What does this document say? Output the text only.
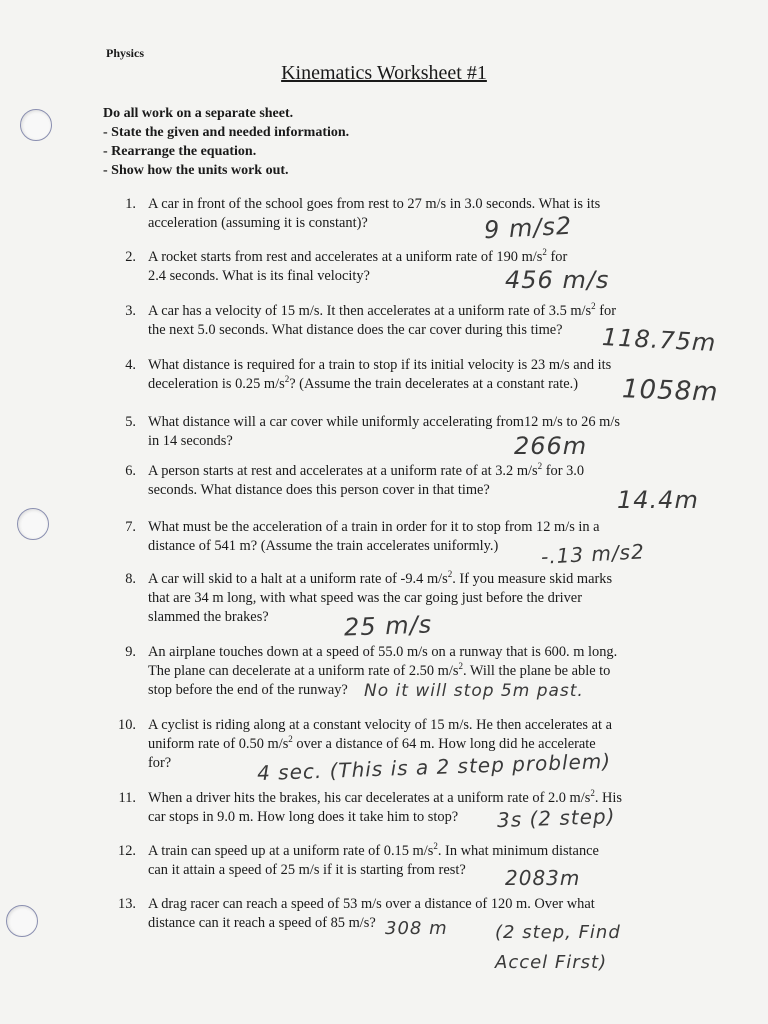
Physics
Kinematics Worksheet #1
Do all work on a separate sheet.
- State the given and needed information.
- Rearrange the equation.
- Show how the units work out.
1. A car in front of the school goes from rest to 27 m/s in 3.0 seconds. What is its
acceleration (assuming it is constant)?
2. A rocket starts from rest and accelerates at a uniform rate of 190 $m/s^2$ for
2.4 seconds. What is its final velocity?
3. A car has a velocity of 15 m/s. It then accelerates at a uniform rate of 3.5 $m/s^2$ for
the next 5.0 seconds. What distance does the car cover during this time?
4. What distance is required for a train to stop if its initial velocity is 23 m/s and its
deceleration is 0.25 $m/s^2$? (Assume the train decelerates at a constant rate.)
5. What distance will a car cover while uniformly accelerating from12 m/s to 26 m/s
in 14 seconds?
6. A person starts at rest and accelerates at a uniform rate of at 3.2 $m/s^2$ for 3.0
seconds. What distance does this person cover in that time?
7. What must be the acceleration of a train in order for it to stop from 12 m/s in a
distance of 541 m? (Assume the train accelerates uniformly.)
8. A car will skid to a halt at a uniform rate of -9.4 $m/s^2$. If you measure skid marks
that are 34 m long, with what speed was the car going just before the driver
slammed the brakes?
9. An airplane touches down at a speed of 55.0 m/s on a runway that is 600. m long.
The plane can decelerate at a uniform rate of 2.50 $m/s^2$. Will the plane be able to
stop before the end of the runway?
10. A cyclist is riding along at a constant velocity of 15 m/s. He then accelerates at a
uniform rate of 0.50 $m/s^2$ over a distance of 64 m. How long did he accelerate
for?
11. When a driver hits the brakes, his car decelerates at a uniform rate of 2.0 $m/s^2$. His
car stops in 9.0 m. How long does it take him to stop?
12. A train can speed up at a uniform rate of 0.15 $m/s^2$. In what minimum distance
can it attain a speed of 25 m/s if it is starting from rest?
13. A drag racer can reach a speed of 53 m/s over a distance of 120 m. Over what
distance can it reach a speed of 85 m/s?
9 m/s2
456 m/s
118.75m
1058m
266m
14.4m
-.13 m/s2
25 m/s
No it will stop 5m past.
4 sec. (This is a 2 step problem)
3s (2 step)
2083m
308 m	(2 step, Find Accel First)
